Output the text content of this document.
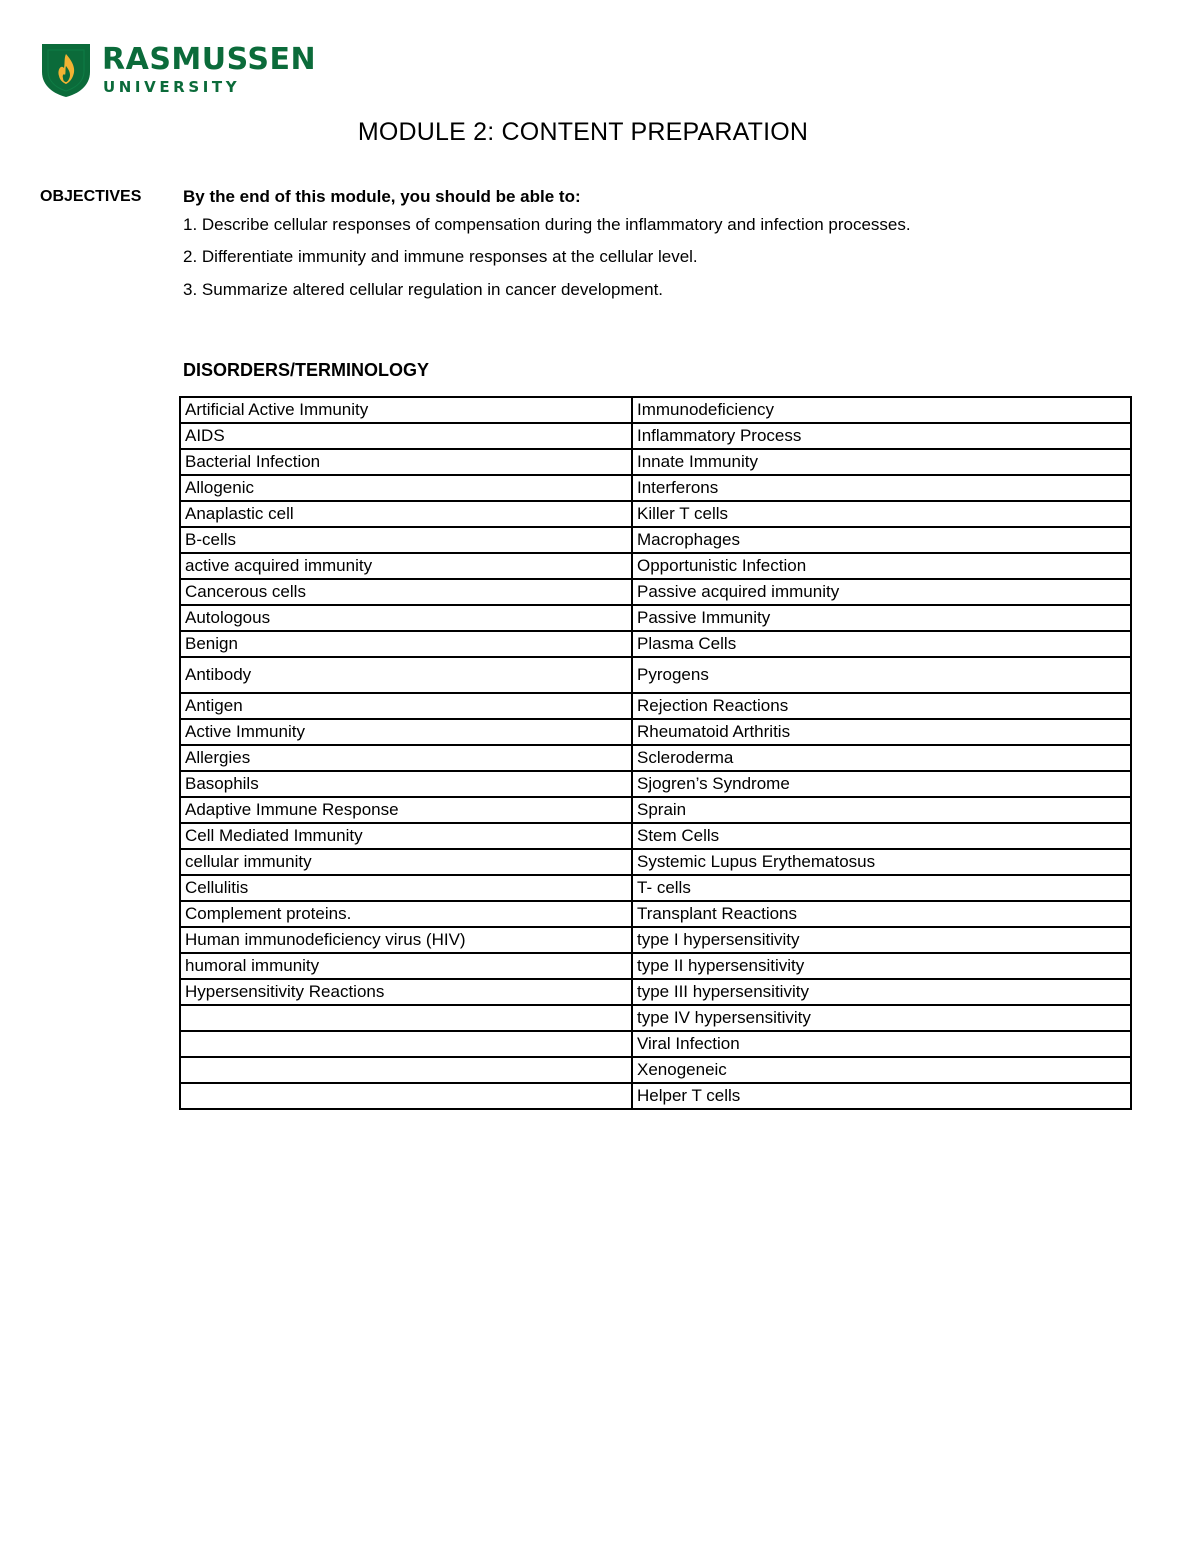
RASMUSSEN
UNIVERSITY
MODULE 2: CONTENT PREPARATION
OBJECTIVES By the end of this module, you should be able to:
1. Describe cellular responses of compensation during the inflammatory and infection processes.
2. Differentiate immunity and immune responses at the cellular level.
3. Summarize altered cellular regulation in cancer development.
DISORDERS/TERMINOLOGY
Artificial Active Immunity	Immunodeficiency
AIDS	Inflammatory Process
Bacterial Infection	Innate Immunity
Allogenic	Interferons
Anaplastic cell	Killer T cells
B-cells	Macrophages
active acquired immunity	Opportunistic Infection
Cancerous cells	Passive acquired immunity
Autologous	Passive Immunity
Benign	Plasma Cells
Antibody	Pyrogens
Antigen	Rejection Reactions
Active Immunity	Rheumatoid Arthritis
Allergies	Scleroderma
Basophils	Sjogren’s Syndrome
Adaptive Immune Response	Sprain
Cell Mediated Immunity	Stem Cells
cellular immunity	Systemic Lupus Erythematosus
Cellulitis	T- cells
Complement proteins.	Transplant Reactions
Human immunodeficiency virus (HIV)	type I hypersensitivity
humoral immunity	type II hypersensitivity
Hypersensitivity Reactions	type III hypersensitivity
	type IV hypersensitivity
	Viral Infection
	Xenogeneic
	Helper T cells
